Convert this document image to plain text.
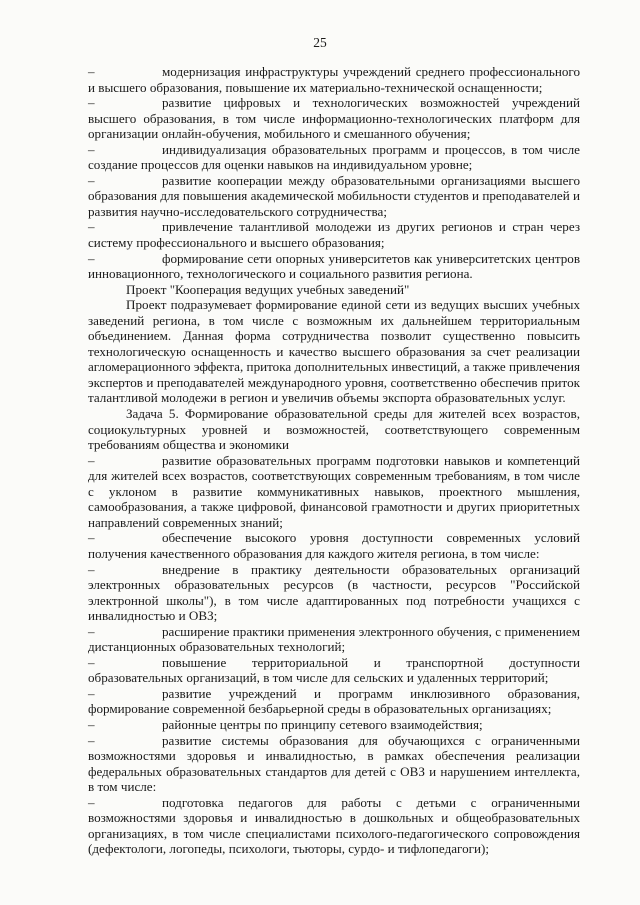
25
–	модернизация инфраструктуры учреждений среднего профессионального и высшего образования, повышение их материально-технической оснащенности;
–	развитие цифровых и технологических возможностей учреждений высшего образования, в том числе информационно-технологических платформ для организации онлайн-обучения, мобильного и смешанного обучения;
–	индивидуализация образовательных программ и процессов, в том числе создание процессов для оценки навыков на индивидуальном уровне;
–	развитие кооперации между образовательными организациями высшего образования для повышения академической мобильности студентов и преподавателей и развития научно-исследовательского сотрудничества;
–	привлечение талантливой молодежи из других регионов и стран через систему профессионального и высшего образования;
–	формирование сети опорных университетов как университетских центров инновационного, технологического и социального развития региона.
Проект "Кооперация ведущих учебных заведений"
Проект подразумевает формирование единой сети из ведущих высших учебных заведений региона, в том числе с возможным их дальнейшем территориальным объединением. Данная форма сотрудничества позволит существенно повысить технологическую оснащенность и качество высшего образования за счет реализации агломерационного эффекта, притока дополнительных инвестиций, а также привлечения экспертов и преподавателей международного уровня, соответственно обеспечив приток талантливой молодежи в регион и увеличив объемы экспорта образовательных услуг.
Задача 5. Формирование образовательной среды для жителей всех возрастов, социокультурных уровней и возможностей, соответствующего современным требованиям общества и экономики
–	развитие образовательных программ подготовки навыков и компетенций для жителей всех возрастов, соответствующих современным требованиям, в том числе с уклоном в развитие коммуникативных навыков, проектного мышления, самообразования, а также цифровой, финансовой грамотности и других приоритетных направлений современных знаний;
–	обеспечение высокого уровня доступности современных условий получения качественного образования для каждого жителя региона, в том числе:
–	внедрение в практику деятельности образовательных организаций электронных образовательных ресурсов (в частности, ресурсов "Российской электронной школы"), в том числе адаптированных под потребности учащихся с инвалидностью и ОВЗ;
–	расширение практики применения электронного обучения, с применением дистанционных образовательных технологий;
–	повышение территориальной и транспортной доступности образовательных организаций, в том числе для сельских и удаленных территорий;
–	развитие учреждений и программ инклюзивного образования, формирование современной безбарьерной среды в образовательных организациях;
–	районные центры по принципу сетевого взаимодействия;
–	развитие системы образования для обучающихся с ограниченными возможностями здоровья и инвалидностью, в рамках обеспечения реализации федеральных образовательных стандартов для детей с ОВЗ и нарушением интеллекта, в том числе:
–	подготовка педагогов для работы с детьми с ограниченными возможностями здоровья и инвалидностью в дошкольных и общеобразовательных организациях, в том числе специалистами психолого-педагогического сопровождения (дефектологи, логопеды, психологи, тьюторы, сурдо- и тифлопедагоги);
